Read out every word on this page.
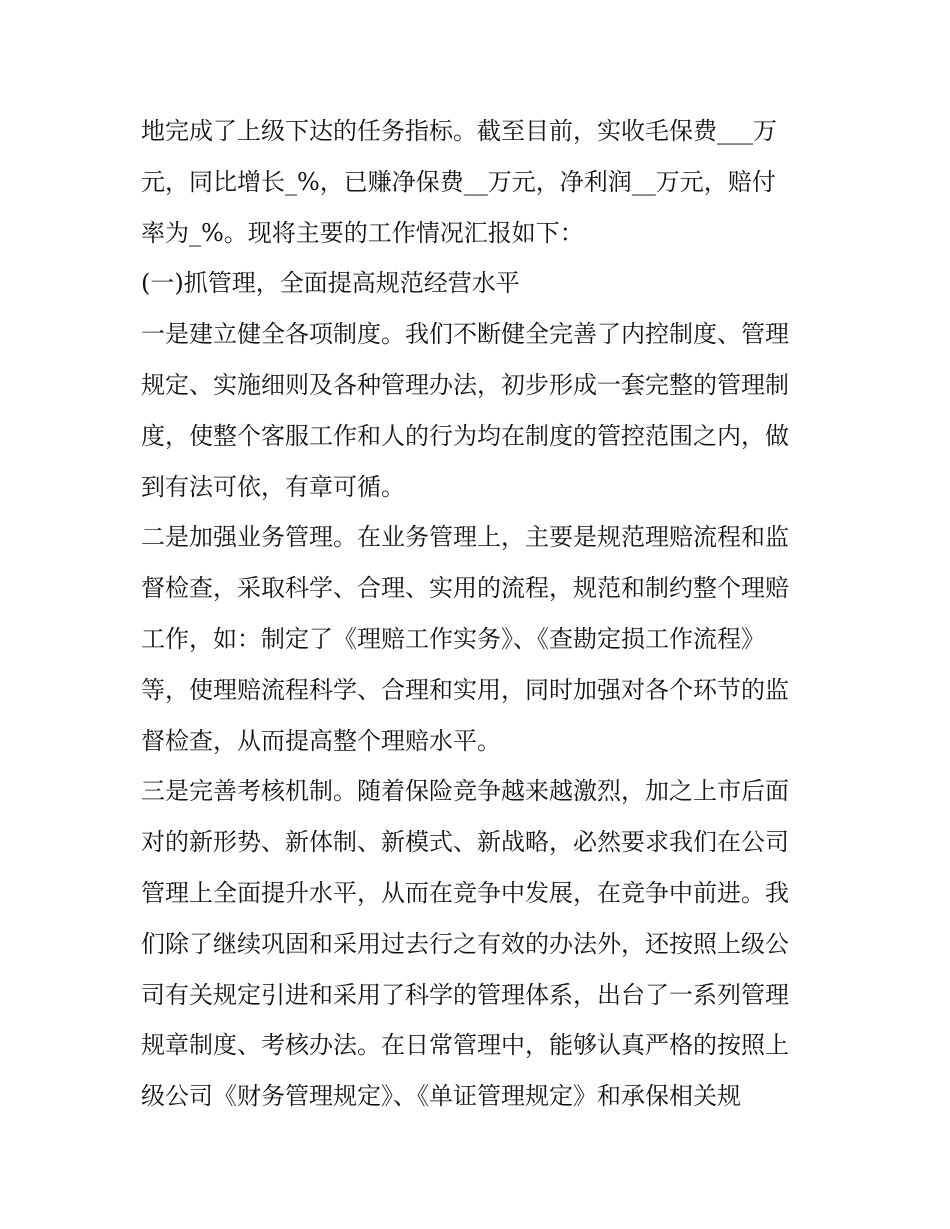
地完成了上级下达的任务指标。截至目前，实收毛保费___万
元，同比增长_%，已赚净保费__万元，净利润__万元，赔付
率为_%。现将主要的工作情况汇报如下：
(一)抓管理，全面提高规范经营水平
一是建立健全各项制度。我们不断健全完善了内控制度、管理
规定、实施细则及各种管理办法，初步形成一套完整的管理制
度，使整个客服工作和人的行为均在制度的管控范围之内，做
到有法可依，有章可循。
二是加强业务管理。在业务管理上，主要是规范理赔流程和监
督检查，采取科学、合理、实用的流程，规范和制约整个理赔
工作，如：制定了《理赔工作实务》、《查勘定损工作流程》
等，使理赔流程科学、合理和实用，同时加强对各个环节的监
督检查，从而提高整个理赔水平。
三是完善考核机制。随着保险竞争越来越激烈，加之上市后面
对的新形势、新体制、新模式、新战略，必然要求我们在公司
管理上全面提升水平，从而在竞争中发展，在竞争中前进。我
们除了继续巩固和采用过去行之有效的办法外，还按照上级公
司有关规定引进和采用了科学的管理体系，出台了一系列管理
规章制度、考核办法。在日常管理中，能够认真严格的按照上
级公司《财务管理规定》、《单证管理规定》和承保相关规
